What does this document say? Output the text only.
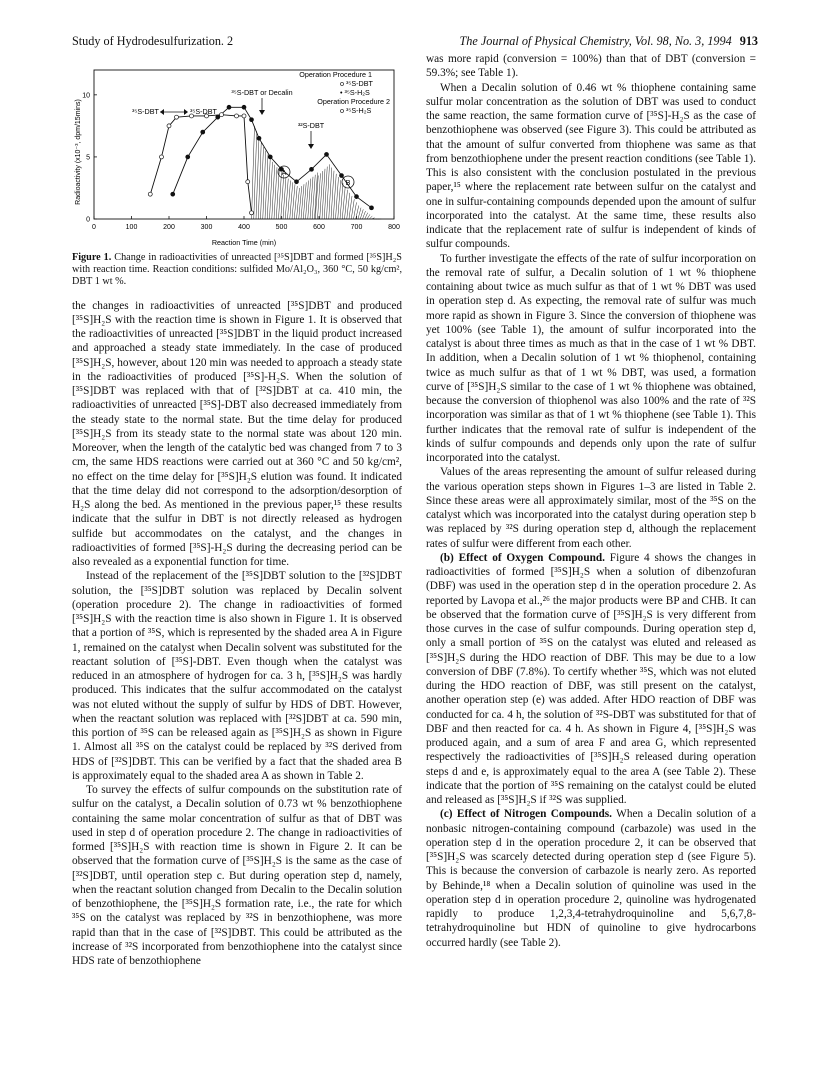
Study of Hydrodesulfurization. 2	The Journal of Physical Chemistry, Vol. 98, No. 3, 1994 913
0	100	200	300	400	500	600	700	800
0
5
10
Radioactivity (x10⁻³, dpm/15mins)
Reaction Time (min)
Operation Procedure 1
o ³⁵S-DBT
• ³⁵S-H₂S
Operation Procedure 2
o ³⁵S-H₂S
³⁵S-DBT or Decalin
³⁵S-DBT	³⁵S-DBT
³²S-DBT
A
B
Figure 1. Change in radioactivities of unreacted [³⁵S]DBT and formed [³⁵S]H₂S with reaction time. Reaction conditions: sulfided Mo/Al₂O₃, 360 °C, 50 kg/cm², DBT 1 wt %.

the changes in radioactivities of unreacted [³⁵S]DBT and produced [³⁵S]H₂S with the reaction time is shown in Figure 1. It is observed that the radioactivities of unreacted [³⁵S]DBT in the liquid product increased and approached a steady state immediately. In the case of produced [³⁵S]H₂S, however, about 120 min was needed to approach a steady state in the radioactivities of produced [³⁵S]-H₂S. When the solution of [³⁵S]DBT was replaced with that of [³²S]DBT at ca. 410 min, the radioactivities of unreacted [³⁵S]-DBT also decreased immediately from the steady state to the normal state. But the time delay for produced [³⁵S]H₂S from its steady state to the normal state was about 120 min. Moreover, when the length of the catalytic bed was changed from 7 to 3 cm, the same HDS reactions were carried out at 360 °C and 50 kg/cm², no effect on the time delay for [³⁵S]H₂S elution was found. It indicated that the time delay did not correspond to the adsorption/desorption of H₂S along the bed. As mentioned in the previous paper,¹⁵ these results indicate that the sulfur in DBT is not directly released as hydrogen sulfide but accommodates on the catalyst, and the changes in radioactivities of formed [³⁵S]-H₂S during the decreasing period can be also revealed as a exponential function for time.

Instead of the replacement of the [³⁵S]DBT solution to the [³²S]DBT solution, the [³⁵S]DBT solution was replaced by Decalin solvent (operation procedure 2). The change in radioactivities of formed [³⁵S]H₂S with the reaction time is also shown in Figure 1. It is observed that a portion of ³⁵S, which is represented by the shaded area A in Figure 1, remained on the catalyst when Decalin solvent was substituted for the reactant solution of [³⁵S]-DBT. Even though when the catalyst was reduced in an atmosphere of hydrogen for ca. 3 h, [³⁵S]H₂S was hardly produced. This indicates that the sulfur accommodated on the catalyst was not eluted without the supply of sulfur by HDS of DBT. However, when the reactant solution was replaced with [³²S]DBT at ca. 590 min, this portion of ³⁵S can be released again as [³⁵S]H₂S as shown in Figure 1. Almost all ³⁵S on the catalyst could be replaced by ³²S derived from HDS of [³²S]DBT. This can be verified by a fact that the shaded area B is approximately equal to the shaded area A as shown in Table 2.

To survey the effects of sulfur compounds on the substitution rate of sulfur on the catalyst, a Decalin solution of 0.73 wt % benzothiophene containing the same molar concentration of sulfur as that of DBT was used in step d of operation procedure 2. The change in radioactivities of formed [³⁵S]H₂S with reaction time is shown in Figure 2. It can be observed that the formation curve of [³⁵S]H₂S is the same as the case of [³²S]DBT, until operation step c. But during operation step d, namely, when the reactant solution changed from Decalin to the Decalin solution of benzothiophene, the [³⁵S]H₂S formation rate, i.e., the rate for which ³⁵S on the catalyst was replaced by ³²S in benzothiophene, was more rapid than that in the case of [³²S]DBT. This could be attributed as the increase of ³²S incorporated from benzothiophene into the catalyst since HDS rate of benzothiophene

was more rapid (conversion = 100%) than that of DBT (conversion = 59.3%; see Table 1).

When a Decalin solution of 0.46 wt % thiophene containing same sulfur molar concentration as the solution of DBT was used to conduct the same reaction, the same formation curve of [³⁵S]-H₂S as the case of benzothiophene was observed (see Figure 3). This could be attributed as that the amount of sulfur converted from thiophene was same as that from benzothiophene under the present reaction conditions (see Table 1). This is also consistent with the conclusion postulated in the previous paper,¹⁵ where the replacement rate between sulfur on the catalyst and one in sulfur-containing compounds depended upon the amount of sulfur incorporated into the catalyst. At the same time, these results also indicate that the replacement rate of sulfur is independent of kinds of sulfur compounds.

To further investigate the effects of the rate of sulfur incorporation on the removal rate of sulfur, a Decalin solution of 1 wt % thiophene containing about twice as much sulfur as that of 1 wt % DBT was used in operation step d. As expecting, the removal rate of sulfur was much more rapid as shown in Figure 3. Since the conversion of thiophene was yet 100% (see Table 1), the amount of sulfur incorporated into the catalyst is about three times as much as that in the case of 1 wt % DBT. In addition, when a Decalin solution of 1 wt % thiophenol, containing twice as much sulfur as that of 1 wt % DBT, was used, a formation curve of [³⁵S]H₂S similar to the case of 1 wt % thiophene was obtained, because the conversion of thiophenol was also 100% and the rate of ³²S incorporation was similar as that of 1 wt % thiophene (see Table 1). This further indicates that the removal rate of sulfur is independent of the kinds of sulfur compounds and depends only upon the rate of sulfur incorporated into the catalyst.

Values of the areas representing the amount of sulfur released during the various operation steps shown in Figures 1–3 are listed in Table 2. Since these areas were all approximately similar, most of the ³⁵S on the catalyst which was incorporated into the catalyst during operation step b was replaced by ³²S during operation step d, although the replacement rates of sulfur were different from each other.

(b) Effect of Oxygen Compound. Figure 4 shows the changes in radioactivities of formed [³⁵S]H₂S when a solution of dibenzofuran (DBF) was used in the operation step d in the operation procedure 2. As reported by Lavopa et al.,²⁶ the major products were BP and CHB. It can be observed that the formation curve of [³⁵S]H₂S is very different from those curves in the case of sulfur compounds. During operation step d, only a small portion of ³⁵S on the catalyst was eluted and released as [³⁵S]H₂S during the HDO reaction of DBF. This may be due to a low conversion of DBF (7.8%). To certify whether ³⁵S, which was not eluted during the HDO reaction of DBF, was still present on the catalyst, another operation step (e) was added. After HDO reaction of DBF was conducted for ca. 4 h, the solution of ³²S-DBT was substituted for that of DBF and then reacted for ca. 4 h. As shown in Figure 4, [³⁵S]H₂S was produced again, and a sum of area F and area G, which represented respectively the radioactivities of [³⁵S]H₂S released during operation steps d and e, is approximately equal to the area A (see Table 2). These indicate that the portion of ³⁵S remaining on the catalyst could be eluted and released as [³⁵S]H₂S if ³²S was supplied.

(c) Effect of Nitrogen Compounds. When a Decalin solution of a nonbasic nitrogen-containing compound (carbazole) was used in the operation step d in the operation procedure 2, it can be observed that [³⁵S]H₂S was scarcely detected during operation step d (see Figure 5). This is because the conversion of carbazole is nearly zero. As reported by Behinde,¹⁸ when a Decalin solution of quinoline was used in the operation step d in operation procedure 2, quinoline was hydrogenated rapidly to produce 1,2,3,4-tetrahydroquinoline and 5,6,7,8-tetrahydroquinoline but HDN of quinoline to give hydrocarbons occurred hardly (see Table 2).
